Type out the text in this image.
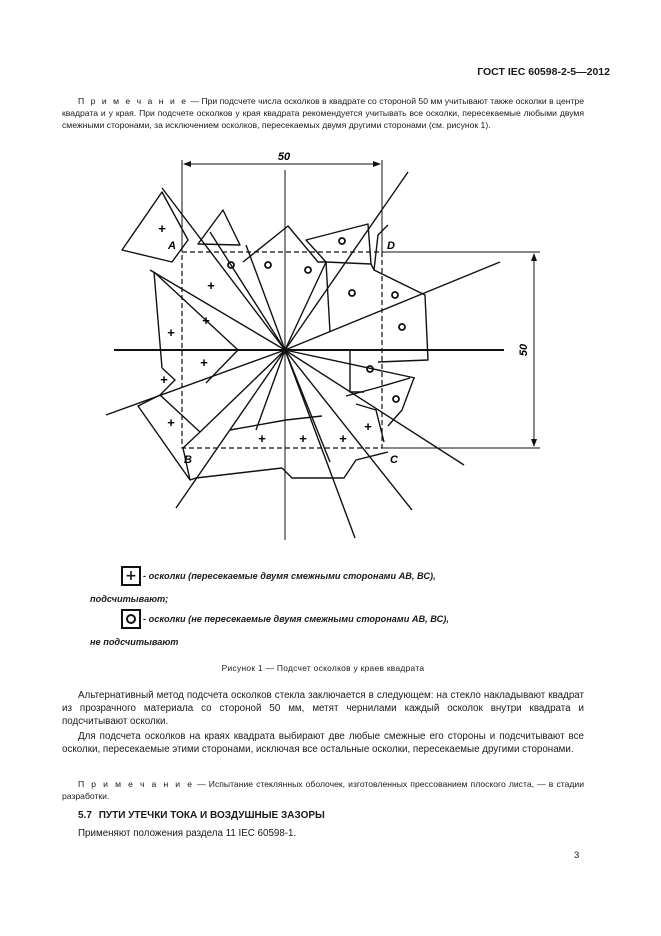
ГОСТ IEC 60598-2-5—2012
П р и м е ч а н и е — При подсчете числа осколков в квадрате со стороной 50 мм учитывают также осколки в центре квадрата и у края. При подсчете осколков у края квадрата рекомендуется учитывать все осколки, пересекаемые любыми двумя смежными сторонами, за исключением осколков, пересекаемых двумя другими сторонами (см. рисунок 1).
50
50
A
B	C
D
+
+
+
+
+
+
+
+	+ +
+
+ - осколки (пересекаемые двумя смежными сторонами АВ, ВС),
подсчитывают;
- осколки (не пересекаемые двумя смежными сторонами АВ, ВС),
не подсчитывают
Рисунок 1 — Подсчет осколков у краев квадрата
Альтернативный метод подсчета осколков стекла заключается в следующем: на стекло накладывают квадрат из прозрачного материала со стороной 50 мм, метят чернилами каждый осколок внутри квадрата и подсчитывают осколки.
Для подсчета осколков на краях квадрата выбирают две любые смежные его стороны и подсчитывают все осколки, пересекаемые этими сторонами, исключая все остальные осколки, пересекаемые другими сторонами.
П р и м е ч а н и е — Испытание стеклянных оболочек, изготовленных прессованием плоского листа, — в стадии разработки.
5.7 ПУТИ УТЕЧКИ ТОКА И ВОЗДУШНЫЕ ЗАЗОРЫ
Применяют положения раздела 11 IEC 60598-1.
3
